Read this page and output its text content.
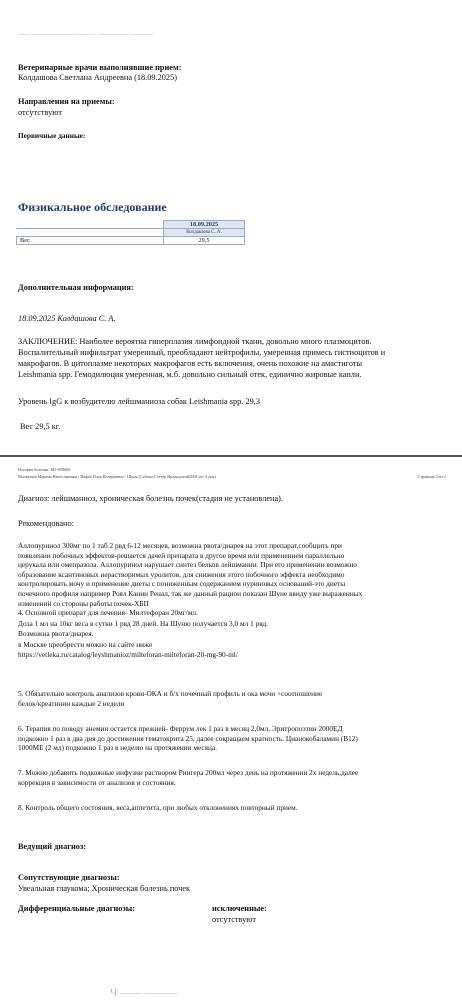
—— ——————— ——— · ————— ————
Ветеринарные врачи выполнявшие прием:
Колдашова Светлана Андреевна (18.09.2025)
Направления на приемы:
отсутствуют
Первичные данные:
Физикальное обследование
	18.09.2025
	Колдашова С. А.
Вес	29,5
Дополнительная информация:
18.09.2025 Колдашова С. А.
ЗАКЛЮЧЕНИЕ: Наиболее вероятна гиперплазия лимфоидной ткани, довольно много плазмоцитов.
Воспалительный инфильтрат умеренный, преобладают нейтрофилы, умеренная примесь гистиоцитов и
макрофагов. В цитоплазме некоторых макрофагов есть включения, очень похожие на амастиготы
Leishmania spp. Гемодилюция умеренная, м.б. довольно сильный отек, единично жировые капли.
Уровень IgG к возбудителю лейшманиоза собак Leishmania spp. 29,3
Вес 29,5 кг.
История болезни: М1-058669
Малыгина Марина Вячеславовна | Нафея Илья Валерьевич - Шуня (Собака/Сеттер Ирландский/М/8 лет 4 дня)	Страница 2 из 2
Диагноз: лейшманиоз, хроническая болезнь почек(стадия не установлена).
Рекомендовано:
Аллопуринол 300мг по 1 таб 2 рвд 6-12 месяцев, возможна рвота/диарея на этот препарат,сообщить при
появлении побочных эффектов-решается дачей препарата в другое время или применением параллельно
церукала или омепразола. Аллопуринол нарушает синтез белков лейшмании. При его применении возможно
образование ксантиновых нерастворимых уролитов, для снижения этого побочного эффекта необходимо
контролировать мочу и применение диеты с пониженным содержанием пуриновых оснований-это диеты
почечного профиля например Роял Канин Ренал, так же данный рацион показан Шуне ввиду уже выраженных
изменений со стороны работы почек-ХБП
4. Основной препарат для лечения- Милтефоран 20мг/мл.
Доза 1 мл на 10кг веса в сутки 1 рвд 28 дней. На Шуню получается 3,0 мл 1 рвд.
Возможна рвота/диарея.
в Москве преобрести можно на сайте ниже
https://vetleka.ru/catalog/leyshmanioz/milteforan-milteforan-20-mg-90-ml/
5. Обязательно контроль анализов крови-ОКА и б/х почечный профиль и ока мочи +соотношение
белок/креатинин каждые 2 недели
6. Терапия по поводу анемии остается прежней- Феррум лек 1 раз в месяц 2,0мл, Эритропоэтин 2000ЕД
подкожно 1 раз в два дня до достижения гематокрита 25, далее сокращаем кратность. Цианокобаламин (В12)
1000МЕ (2 мл) подкожно 1 раз в неделю на протяжении месяца.
7. Можно добавить подкожные инфузии раствором Рингера 200мл через день на протяжении 2х недель,далее
коррекция в зависимости от анализов и состояния.
8. Контроль общего состояния, веса,аппетита, при любых отклонениях повторный прием.
Ведущий диагноз:
Сопутствующие диагнозы:
Увеальная глаукома; Хроническая болезнь почек
Дифференциальные диагнозы:	исключенные:
отсутствуют
Ч —— ———
